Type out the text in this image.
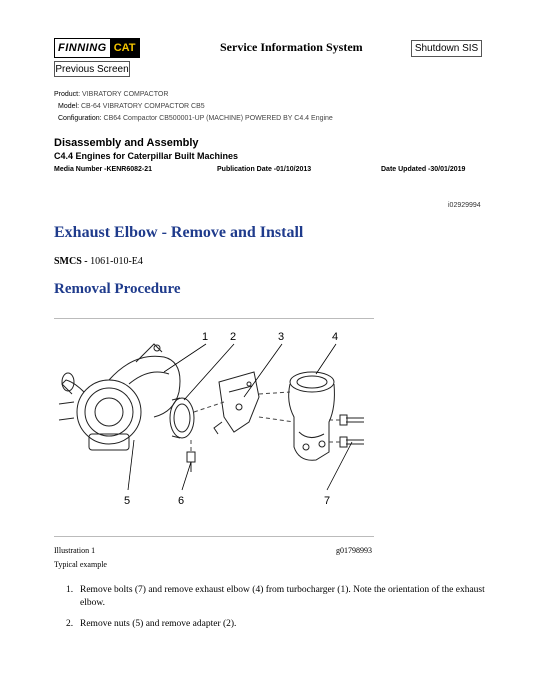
FINNING CAT	Service Information System	Shutdown SIS
Previous Screen
Product: VIBRATORY COMPACTOR
Model: CB-64 VIBRATORY COMPACTOR CB5
Configuration: CB64 Compactor CB500001-UP (MACHINE) POWERED BY C4.4 Engine
Disassembly and Assembly
C4.4 Engines for Caterpillar Built Machines
Media Number -KENR6082-21	Publication Date -01/10/2013	Date Updated -30/01/2019
i02929994
Exhaust Elbow - Remove and Install
SMCS - 1061-010-E4
Removal Procedure
1 2	3	4
5	6	7
Illustration 1	g01798993
Typical example
1. Remove bolts (7) and remove exhaust elbow (4) from turbocharger (1). Note the orientation of the exhaust elbow.
2. Remove nuts (5) and remove adapter (2).
